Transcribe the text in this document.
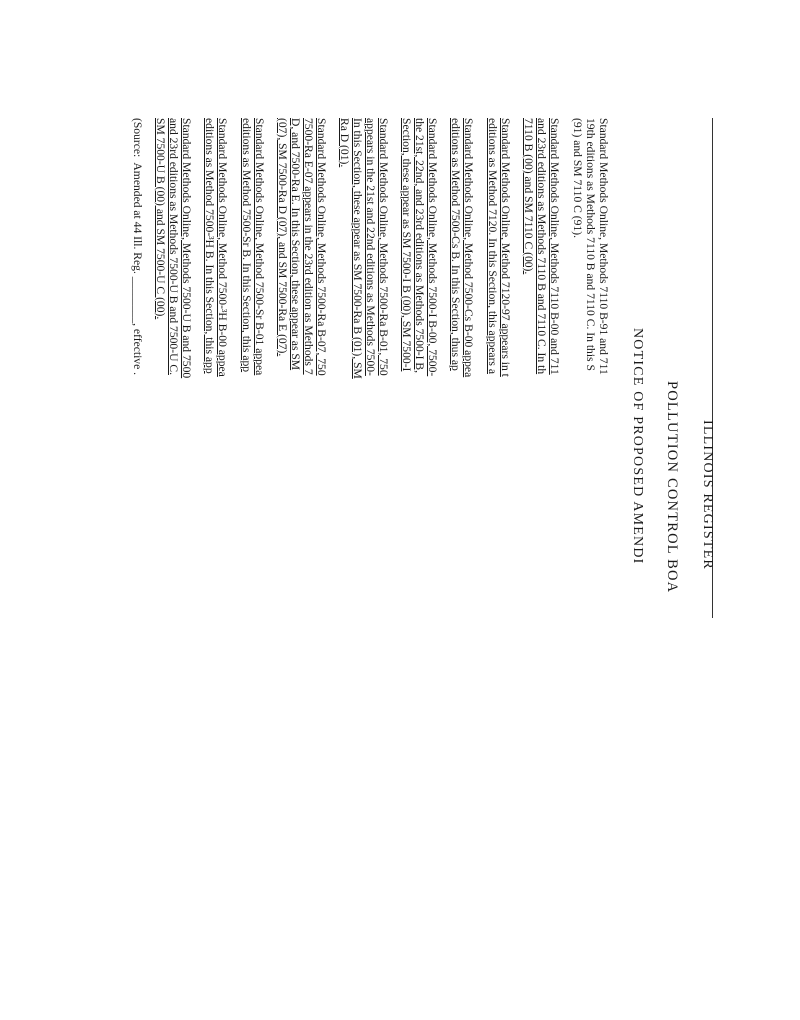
ILLINOIS REGISTER
POLLUTION CONTROL BOA
NOTICE OF PROPOSED AMENDI

Standard Methods Online, Methods 7110 B-91 and 711
19th editions as Methods 7110 B and 7110 C. In this S
(91) and SM 7110 C (91).

Standard Methods Online, Methods 7110 B-00 and 711
and 23rd editions as Methods 7110 B and 7110 C. In th
7110 B (00) and SM 7110 C (00).

Standard Methods Online, Method 7120-97 appears in t
editions as Method 7120. In this Section, this appears a

Standard Methods Online, Method 7500-Cs B-00 appea
editions as Method 7500-Cs B. In this Section, thus ap

Standard Methods Online, Methods 7500-I B-00, 7500-
the 21st, 22nd, and 23rd editions as Methods 7500-I B,
Section, these appear as SM 7500-I B (00), SM 7500-I

Standard Methods Online, Methods 7500-Ra B-01, 750
appears in the 21st and 22nd editions as Methods 7500-
In this Section, these appear as SM 7500-Ra B (01), SM
Ra D (01).

Standard Methods Online, Methods 7500-Ra B-07, 750
7500-Ra E-07 appears in the 23rd edition as Methods 7
D, and 7500-Ra E. In this Section, these appear as SM
(07), SM 7500-Ra D (07), and SM 7500-Ra E (07).

Standard Methods Online, Method 7500-Sr B-01 appea
editions as Method 7500-Sr B. In this Section, this app

Standard Methods Online, Method 7500-³H B-00 appea
editions as Method 7500-³H B. In this Section, this app

Standard Methods Online, Methods 7500-U B and 7500
and 23rd editions as Methods 7500-U B and 7500-U C.
SM 7500-U B (00) and SM 7500-U C (00).

(Source:  Amended at 44 Ill. Reg. ________, effective .
